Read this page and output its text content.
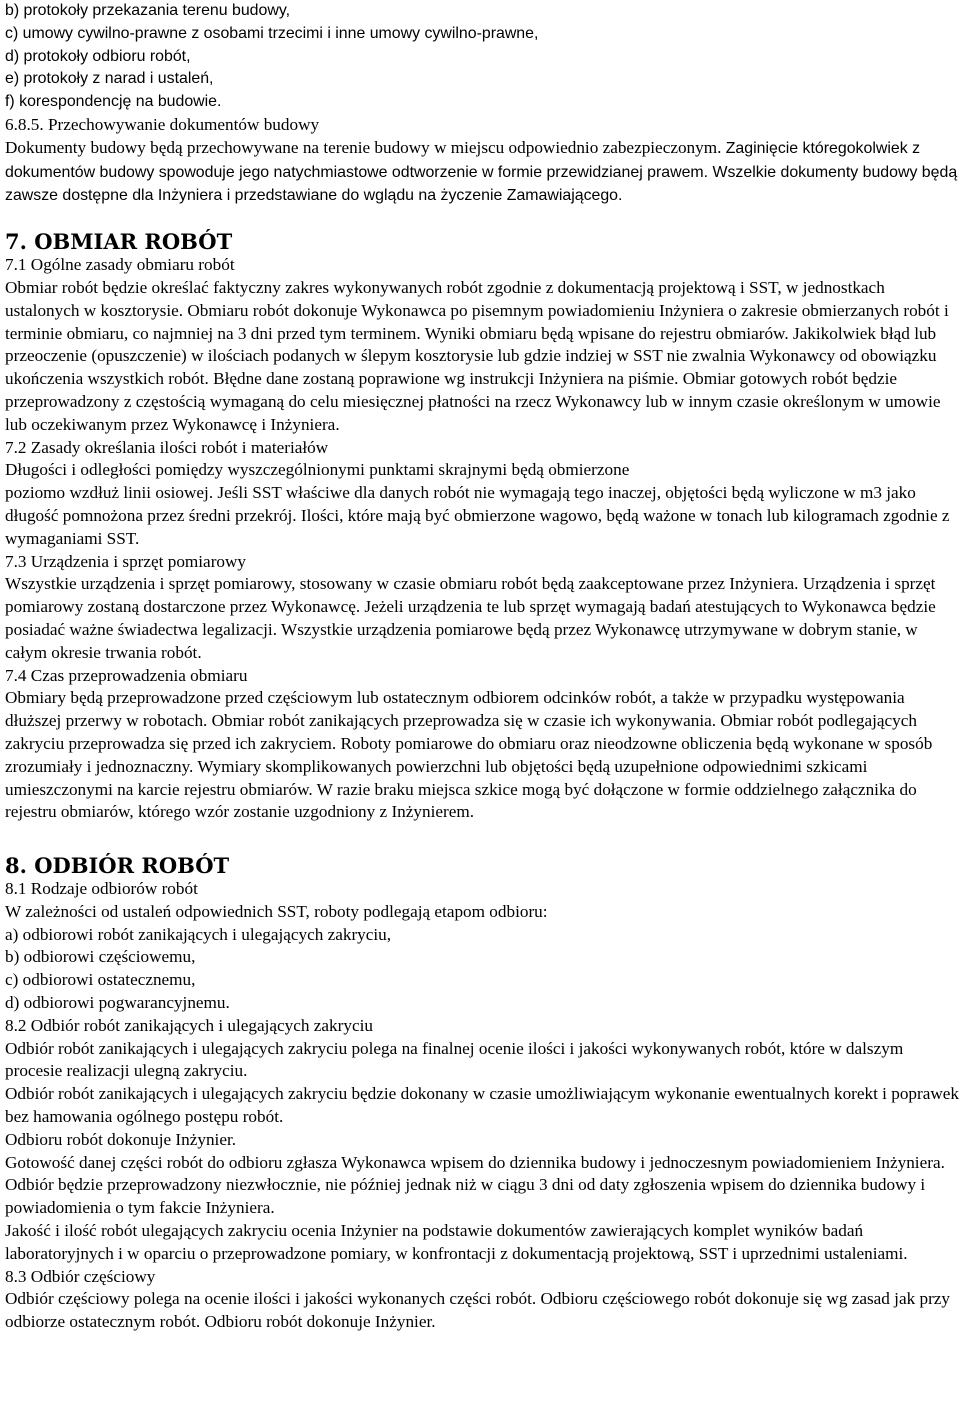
b) protokoły przekazania terenu budowy,

c) umowy cywilno-prawne z osobami trzecimi i inne umowy cywilno-prawne,

d) protokoły odbioru robót,

e) protokoły z narad i ustaleń,

f) korespondencję na budowie.

6.8.5. Przechowywanie dokumentów budowy

Dokumenty budowy będą przechowywane na terenie budowy w miejscu odpowiednio zabezpieczonym. Zaginięcie któregokolwiek z dokumentów budowy spowoduje jego natychmiastowe odtworzenie w formie przewidzianej prawem. Wszelkie dokumenty budowy będą zawsze dostępne dla Inżyniera i przedstawiane do wglądu na życzenie Zamawiającego.

7. OBMIAR ROBÓT

7.1 Ogólne zasady obmiaru robót

Obmiar robót będzie określać faktyczny zakres wykonywanych robót zgodnie z dokumentacją projektową i SST, w jednostkach ustalonych w kosztorysie. Obmiaru robót dokonuje Wykonawca po pisemnym powiadomieniu Inżyniera o zakresie obmierzanych robót i terminie obmiaru, co najmniej na 3 dni przed tym terminem. Wyniki obmiaru będą wpisane do rejestru obmiarów. Jakikolwiek błąd lub przeoczenie (opuszczenie) w ilościach podanych w ślepym kosztorysie lub gdzie indziej w SST nie zwalnia Wykonawcy od obowiązku ukończenia wszystkich robót. Błędne dane zostaną poprawione wg instrukcji Inżyniera na piśmie. Obmiar gotowych robót będzie przeprowadzony z częstością wymaganą do celu miesięcznej płatności na rzecz Wykonawcy lub w innym czasie określonym w umowie lub oczekiwanym przez Wykonawcę i Inżyniera.

7.2 Zasady określania ilości robót i materiałów

Długości i odległości pomiędzy wyszczególnionymi punktami skrajnymi będą obmierzone

poziomo wzdłuż linii osiowej. Jeśli SST właściwe dla danych robót nie wymagają tego inaczej, objętości będą wyliczone w m3 jako długość pomnożona przez średni przekrój. Ilości, które mają być obmierzone wagowo, będą ważone w tonach lub kilogramach zgodnie z wymaganiami SST.

7.3 Urządzenia i sprzęt pomiarowy

Wszystkie urządzenia i sprzęt pomiarowy, stosowany w czasie obmiaru robót będą zaakceptowane przez Inżyniera. Urządzenia i sprzęt pomiarowy zostaną dostarczone przez Wykonawcę. Jeżeli urządzenia te lub sprzęt wymagają badań atestujących to Wykonawca będzie posiadać ważne świadectwa legalizacji. Wszystkie urządzenia pomiarowe będą przez Wykonawcę utrzymywane w dobrym stanie, w całym okresie trwania robót.

7.4 Czas przeprowadzenia obmiaru

Obmiary będą przeprowadzone przed częściowym lub ostatecznym odbiorem odcinków robót, a także w przypadku występowania dłuższej przerwy w robotach. Obmiar robót zanikających przeprowadza się w czasie ich wykonywania. Obmiar robót podlegających zakryciu przeprowadza się przed ich zakryciem. Roboty pomiarowe do obmiaru oraz nieodzowne obliczenia będą wykonane w sposób zrozumiały i jednoznaczny. Wymiary skomplikowanych powierzchni lub objętości będą uzupełnione odpowiednimi szkicami umieszczonymi na karcie rejestru obmiarów. W razie braku miejsca szkice mogą być dołączone w formie oddzielnego załącznika do rejestru obmiarów, którego wzór zostanie uzgodniony z Inżynierem.

8. ODBIÓR ROBÓT

8.1 Rodzaje odbiorów robót

W zależności od ustaleń odpowiednich SST, roboty podlegają etapom odbioru:

a) odbiorowi robót zanikających i ulegających zakryciu,

b) odbiorowi częściowemu,

c) odbiorowi ostatecznemu,

d) odbiorowi pogwarancyjnemu.

8.2 Odbiór robót zanikających i ulegających zakryciu

Odbiór robót zanikających i ulegających zakryciu polega na finalnej ocenie ilości i jakości wykonywanych robót, które w dalszym procesie realizacji ulegną zakryciu.

Odbiór robót zanikających i ulegających zakryciu będzie dokonany w czasie umożliwiającym wykonanie ewentualnych korekt i poprawek bez hamowania ogólnego postępu robót.

Odbioru robót dokonuje Inżynier.

Gotowość danej części robót do odbioru zgłasza Wykonawca wpisem do dziennika budowy i jednoczesnym powiadomieniem Inżyniera. Odbiór będzie przeprowadzony niezwłocznie, nie później jednak niż w ciągu 3 dni od daty zgłoszenia wpisem do dziennika budowy i powiadomienia o tym fakcie Inżyniera.

Jakość i ilość robót ulegających zakryciu ocenia Inżynier na podstawie dokumentów zawierających komplet wyników badań laboratoryjnych i w oparciu o przeprowadzone pomiary, w konfrontacji z dokumentacją projektową, SST i uprzednimi ustaleniami.

8.3 Odbiór częściowy

Odbiór częściowy polega na ocenie ilości i jakości wykonanych części robót. Odbioru częściowego robót dokonuje się wg zasad jak przy odbiorze ostatecznym robót. Odbioru robót dokonuje Inżynier.
